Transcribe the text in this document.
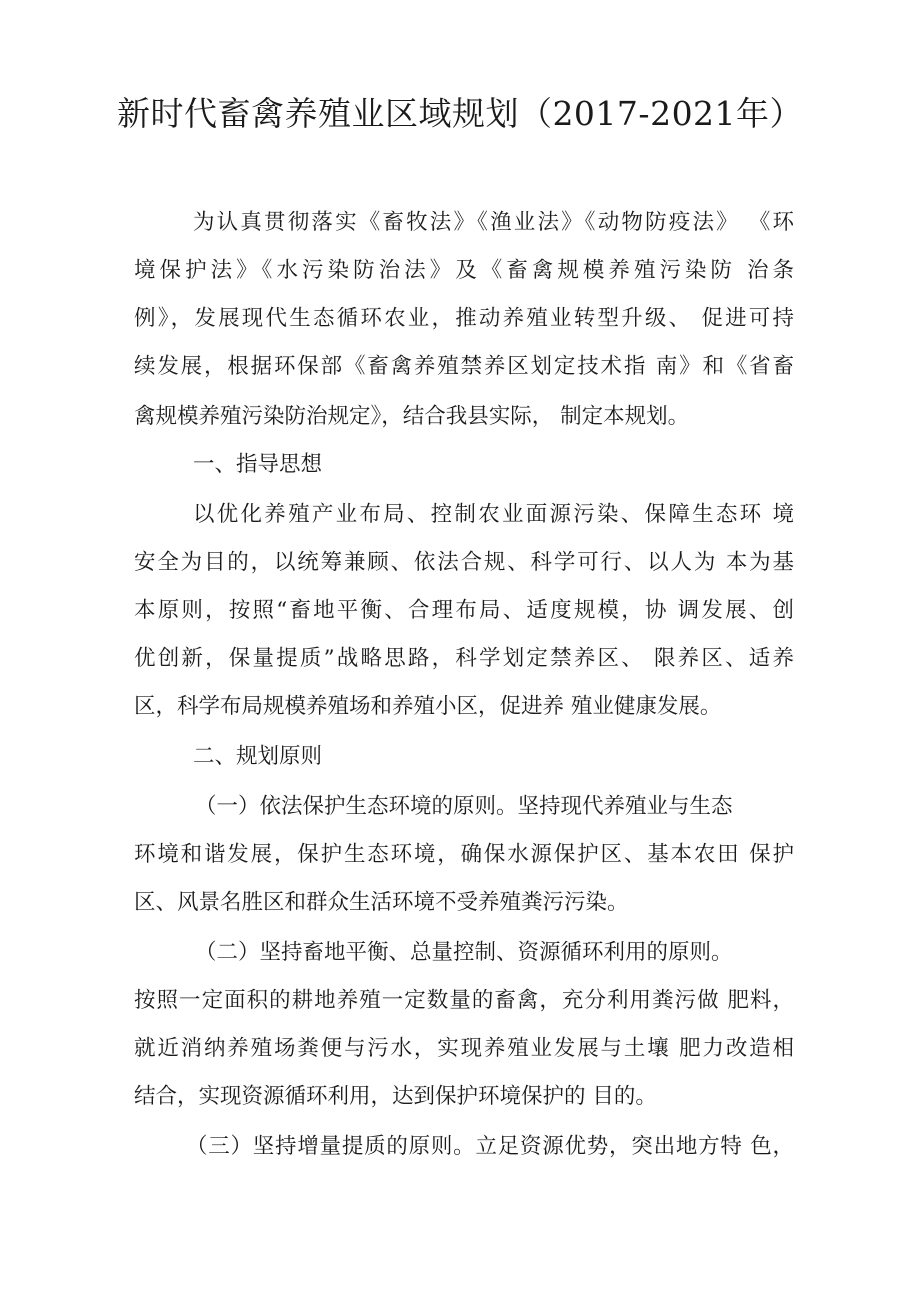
新时代畜禽养殖业区域规划（2017-2021年）
为认真贯彻落实《畜牧法》《渔业法》《动物防疫法》 《环
境保护法》《水污染防治法》及《畜禽规模养殖污染防 治条
例》，发展现代生态循环农业，推动养殖业转型升级、 促进可持
续发展，根据环保部《畜禽养殖禁养区划定技术指 南》和《省畜
禽规模养殖污染防治规定》，结合我县实际， 制定本规划。
一、指导思想
以优化养殖产业布局、控制农业面源污染、保障生态环 境
安全为目的，以统筹兼顾、依法合规、科学可行、以人为 本为基
本原则，按照“畜地平衡、合理布局、适度规模，协 调发展、创
优创新，保量提质”战略思路，科学划定禁养区、 限养区、适养
区，科学布局规模养殖场和养殖小区，促进养 殖业健康发展。
二、规划原则
（一）依法保护生态环境的原则。坚持现代养殖业与生态
环境和谐发展，保护生态环境，确保水源保护区、基本农田 保护
区、风景名胜区和群众生活环境不受养殖粪污污染。
（二）坚持畜地平衡、总量控制、资源循环利用的原则。
按照一定面积的耕地养殖一定数量的畜禽，充分利用粪污做 肥料，
就近消纳养殖场粪便与污水，实现养殖业发展与土壤 肥力改造相
结合，实现资源循环利用，达到保护环境保护的 目的。
（三）坚持增量提质的原则。立足资源优势，突出地方特 色，
